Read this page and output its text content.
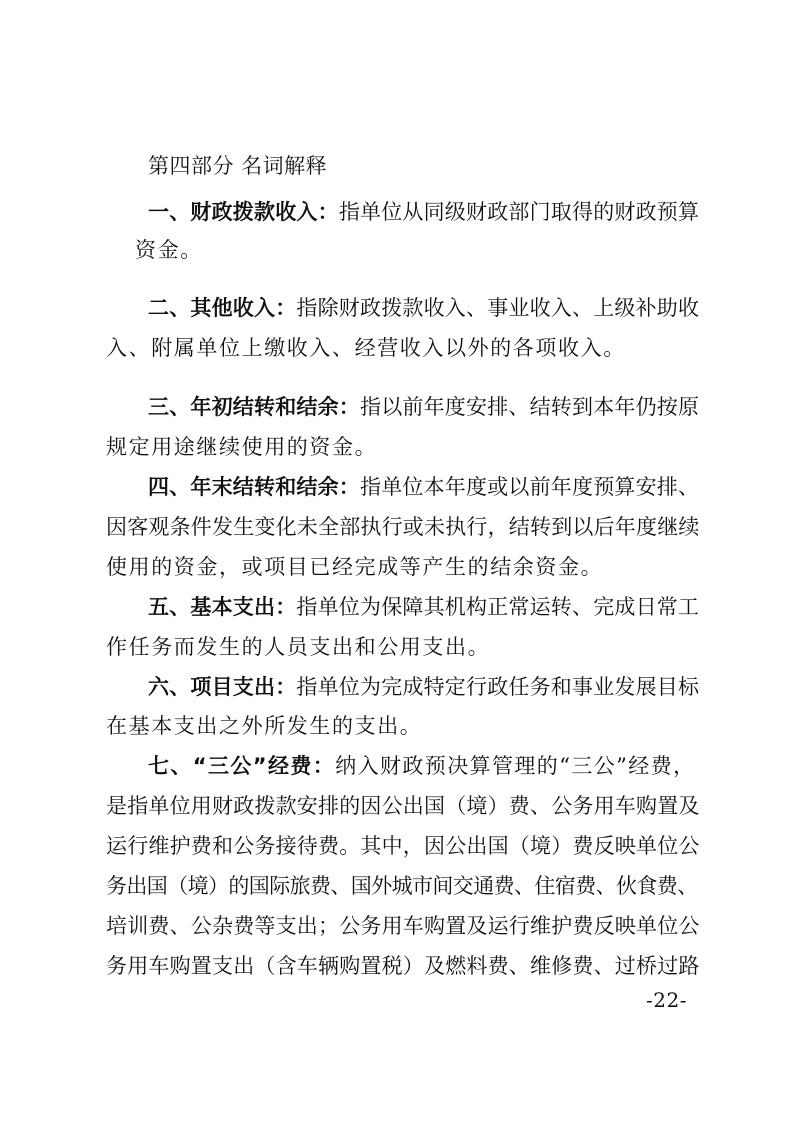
第四部分 名词解释
一、财政拨款收入：指单位从同级财政部门取得的财政预算
资金。
二、其他收入：指除财政拨款收入、事业收入、上级补助收
入、附属单位上缴收入、经营收入以外的各项收入。
三、年初结转和结余：指以前年度安排、结转到本年仍按原
规定用途继续使用的资金。
四、年末结转和结余：指单位本年度或以前年度预算安排、
因客观条件发生变化未全部执行或未执行，结转到以后年度继续
使用的资金，或项目已经完成等产生的结余资金。
五、基本支出：指单位为保障其机构正常运转、完成日常工
作任务而发生的人员支出和公用支出。
六、项目支出：指单位为完成特定行政任务和事业发展目标
在基本支出之外所发生的支出。
七、“三公”经费：纳入财政预决算管理的“三公”经费，
是指单位用财政拨款安排的因公出国（境）费、公务用车购置及
运行维护费和公务接待费。其中，因公出国（境）费反映单位公
务出国（境）的国际旅费、国外城市间交通费、住宿费、伙食费、
培训费、公杂费等支出；公务用车购置及运行维护费反映单位公
务用车购置支出（含车辆购置税）及燃料费、维修费、过桥过路
-22-
